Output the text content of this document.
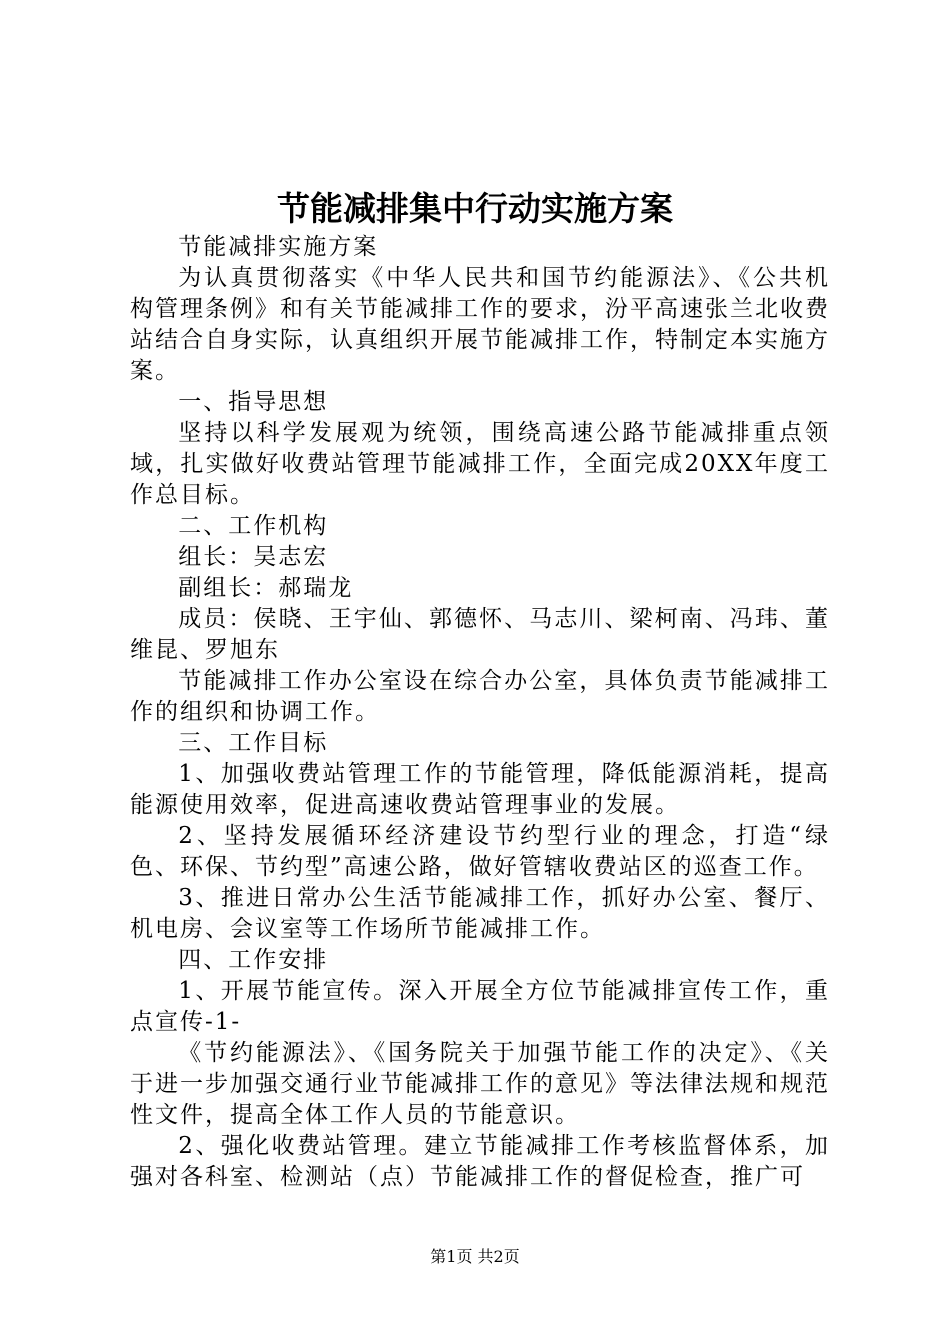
节能减排集中行动实施方案

节能减排实施方案

为认真贯彻落实《中华人民共和国节约能源法》、《公共机构管理条例》和有关节能减排工作的要求，汾平高速张兰北收费站结合自身实际，认真组织开展节能减排工作，特制定本实施方案。

一、指导思想

坚持以科学发展观为统领，围绕高速公路节能减排重点领域，扎实做好收费站管理节能减排工作，全面完成20XX年度工作总目标。

二、工作机构

组长：吴志宏

副组长：郝瑞龙

成员：侯晓、王宇仙、郭德怀、马志川、梁柯南、冯玮、董维昆、罗旭东

节能减排工作办公室设在综合办公室，具体负责节能减排工作的组织和协调工作。

三、工作目标

1、加强收费站管理工作的节能管理，降低能源消耗，提高能源使用效率，促进高速收费站管理事业的发展。

2、坚持发展循环经济建设节约型行业的理念，打造“绿色、环保、节约型”高速公路，做好管辖收费站区的巡查工作。

3、推进日常办公生活节能减排工作，抓好办公室、餐厅、机电房、会议室等工作场所节能减排工作。

四、工作安排

1、开展节能宣传。深入开展全方位节能减排宣传工作，重点宣传-1-

《节约能源法》、《国务院关于加强节能工作的决定》、《关于进一步加强交通行业节能减排工作的意见》等法律法规和规范性文件，提高全体工作人员的节能意识。

2、强化收费站管理。建立节能减排工作考核监督体系，加强对各科室、检测站（点）节能减排工作的督促检查，推广可

第1页 共2页
